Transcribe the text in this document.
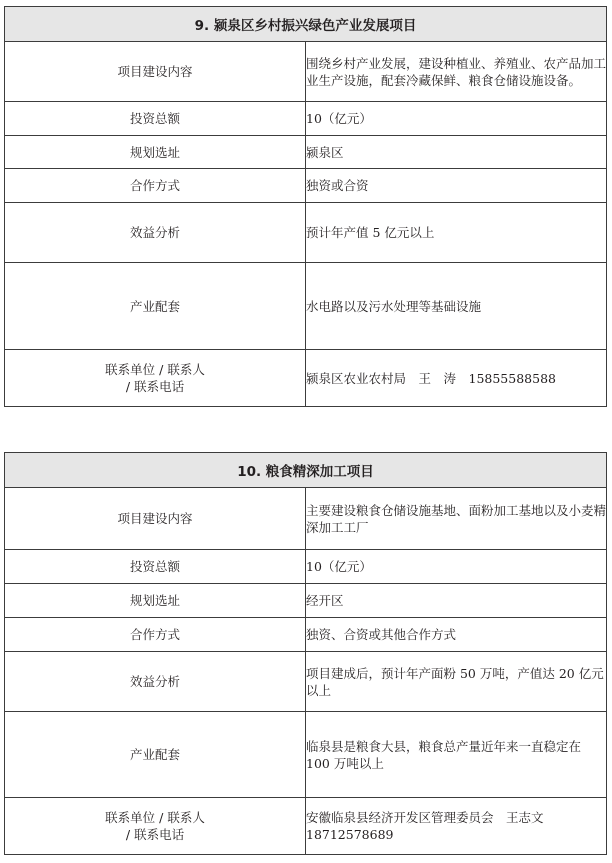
9. 颍泉区乡村振兴绿色产业发展项目	
项目建设内容	围绕乡村产业发展，建设种植业、养殖业、农产品加工业生产设施，配套冷藏保鲜、粮食仓储设施设备。
投资总额	10（亿元）
规划选址	颍泉区
合作方式	独资或合资
效益分析	预计年产值 5 亿元以上
产业配套	水电路以及污水处理等基础设施

联系单位 / 联系人
/ 联系电话	颍泉区农业农村局　王　涛　15855588588
10. 粮食精深加工项目	
项目建设内容	主要建设粮食仓储设施基地、面粉加工基地以及小麦精深加工工厂
投资总额	10（亿元）
规划选址	经开区
合作方式	独资、合资或其他合作方式
效益分析	项目建成后，预计年产面粉 50 万吨，产值达 20 亿元以上
产业配套	临泉县是粮食大县，粮食总产量近年来一直稳定在 100 万吨以上

联系单位 / 联系人
/ 联系电话	安徽临泉县经济开发区管理委员会　王志文　18712578689
